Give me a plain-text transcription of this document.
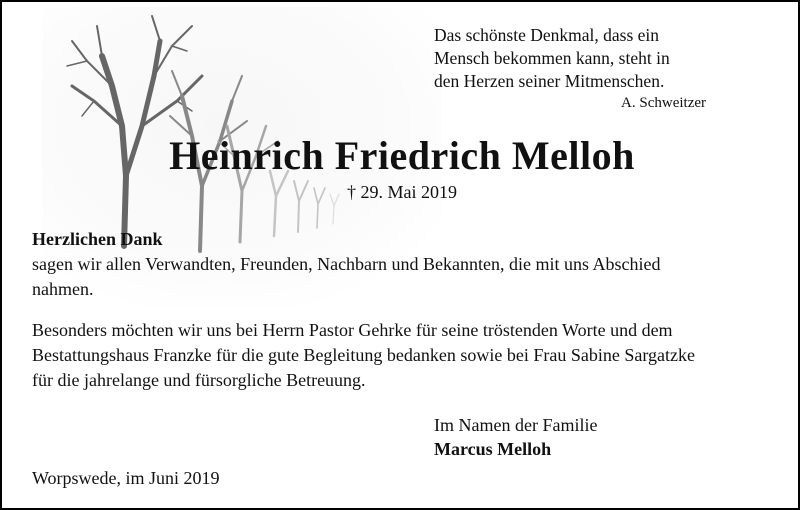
Das schönste Denkmal, dass ein
Mensch bekommen kann, steht in
den Herzen seiner Mitmenschen.
A. Schweitzer
Heinrich Friedrich Melloh
† 29. Mai 2019
Herzlichen Dank
sagen wir allen Verwandten, Freunden, Nachbarn und Bekannten, die mit uns Abschied
nahmen.
Besonders möchten wir uns bei Herrn Pastor Gehrke für seine tröstenden Worte und dem
Bestattungshaus Franzke für die gute Begleitung bedanken sowie bei Frau Sabine Sargatzke
für die jahrelange und fürsorgliche Betreuung.
Im Namen der Familie
Marcus Melloh
Worpswede, im Juni 2019
